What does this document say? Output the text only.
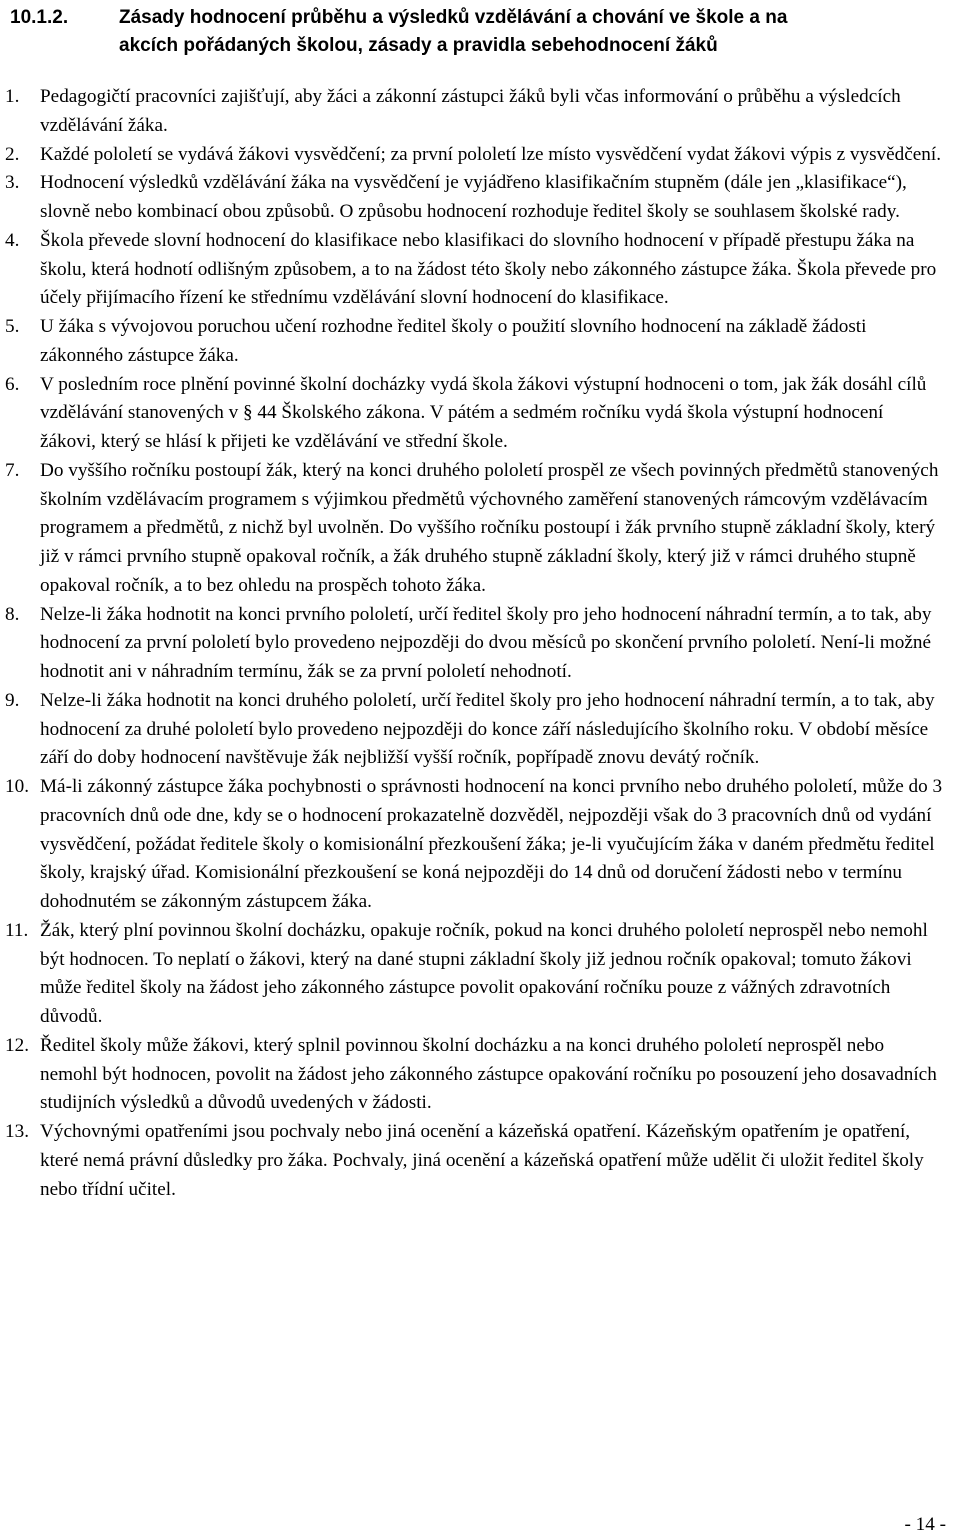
10.1.2.	Zásady hodnocení průběhu a výsledků vzdělávání a chování ve škole a na
akcích pořádaných školou, zásady a pravidla sebehodnocení žáků
1. Pedagogičtí pracovníci zajišťují, aby žáci a zákonní zástupci žáků byli včas informování o průběhu a výsledcích vzdělávání žáka.
2. Každé pololetí se vydává žákovi vysvědčení; za první pololetí lze místo vysvědčení vydat žákovi výpis z vysvědčení.
3. Hodnocení výsledků vzdělávání žáka na vysvědčení je vyjádřeno klasifikačním stupněm (dále jen „klasifikace“), slovně nebo kombinací obou způsobů. O způsobu hodnocení rozhoduje ředitel školy se souhlasem školské rady.
4. Škola převede slovní hodnocení do klasifikace nebo klasifikaci do slovního hodnocení v případě přestupu žáka na školu, která hodnotí odlišným způsobem, a to na žádost této školy nebo zákonného zástupce žáka. Škola převede pro účely přijímacího řízení ke střednímu vzdělávání slovní hodnocení do klasifikace.
5. U žáka s vývojovou poruchou učení rozhodne ředitel školy o použití slovního hodnocení na základě žádosti zákonného zástupce žáka.
6. V posledním roce plnění povinné školní docházky vydá škola žákovi výstupní hodnoceni o tom, jak žák dosáhl cílů vzdělávání stanovených v § 44 Školského zákona. V pátém a sedmém ročníku vydá škola výstupní hodnocení žákovi, který se hlásí k přijeti ke vzdělávání ve střední škole.
7. Do vyššího ročníku postoupí žák, který na konci druhého pololetí prospěl ze všech povinných předmětů stanovených školním vzdělávacím programem s výjimkou předmětů výchovného zaměření stanovených rámcovým vzdělávacím programem a předmětů, z nichž byl uvolněn. Do vyššího ročníku postoupí i žák prvního stupně základní školy, který již v rámci prvního stupně opakoval ročník, a žák druhého stupně základní školy, který již v rámci druhého stupně opakoval ročník, a to bez ohledu na prospěch tohoto žáka.
8. Nelze-li žáka hodnotit na konci prvního pololetí, určí ředitel školy pro jeho hodnocení náhradní termín, a to tak, aby hodnocení za první pololetí bylo provedeno nejpozději do dvou měsíců po skončení prvního pololetí. Není-li možné hodnotit ani v náhradním termínu, žák se za první pololetí nehodnotí.
9. Nelze-li žáka hodnotit na konci druhého pololetí, určí ředitel školy pro jeho hodnocení náhradní termín, a to tak, aby hodnocení za druhé pololetí bylo provedeno nejpozději do konce září následujícího školního roku. V období měsíce září do doby hodnocení navštěvuje žák nejbližší vyšší ročník, popřípadě znovu devátý ročník.
10. Má-li zákonný zástupce žáka pochybnosti o správnosti hodnocení na konci prvního nebo druhého pololetí, může do 3 pracovních dnů ode dne, kdy se o hodnocení prokazatelně dozvěděl, nejpozději však do 3 pracovních dnů od vydání vysvědčení, požádat ředitele školy o komisionální přezkoušení žáka; je-li vyučujícím žáka v daném předmětu ředitel školy, krajský úřad. Komisionální přezkoušení se koná nejpozději do 14 dnů od doručení žádosti nebo v termínu dohodnutém se zákonným zástupcem žáka.
11. Žák, který plní povinnou školní docházku, opakuje ročník, pokud na konci druhého pololetí neprospěl nebo nemohl být hodnocen. To neplatí o žákovi, který na dané stupni základní školy již jednou ročník opakoval; tomuto žákovi může ředitel školy na žádost jeho zákonného zástupce povolit opakování ročníku pouze z vážných zdravotních důvodů.
12. Ředitel školy může žákovi, který splnil povinnou školní docházku a na konci druhého pololetí neprospěl nebo nemohl být hodnocen, povolit na žádost jeho zákonného zástupce opakování ročníku po posouzení jeho dosavadních studijních výsledků a důvodů uvedených v žádosti.
13. Výchovnými opatřeními jsou pochvaly nebo jiná ocenění a kázeňská opatření. Kázeňským opatřením je opatření, které nemá právní důsledky pro žáka. Pochvaly, jiná ocenění a kázeňská opatření může udělit či uložit ředitel školy nebo třídní učitel.
- 14 -
